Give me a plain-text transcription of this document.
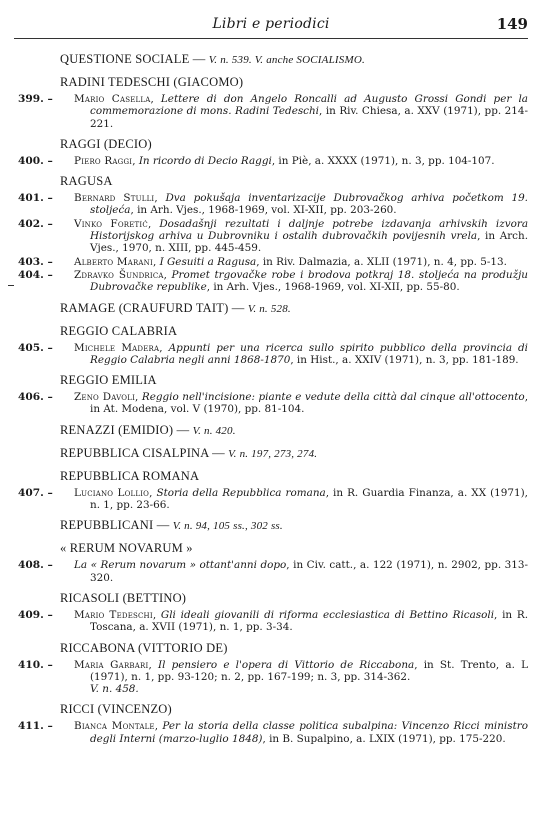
Libri e periodici	149
QUESTIONE SOCIALE — V. n. 539. V. anche SOCIALISMO.
RADINI TEDESCHI (GIACOMO)
399. –	Mario Casella, Lettere di don Angelo Roncalli ad Augusto Grossi Gondi per la commemorazione di mons. Radini Tedeschi, in Riv. Chiesa, a. XXV (1971), pp. 214-221.
RAGGI (DECIO)
400. –	Piero Raggi, In ricordo di Decio Raggi, in Piè, a. XXXX (1971), n. 3, pp. 104-107.
RAGUSA
401. –	Bernard Stulli, Dva pokušaja inventarizacije Dubrovačkog arhiva početkom 19. stoljeća, in Arh. Vjes., 1968-1969, vol. XI-XII, pp. 203-260.
402. –	Vinko Foretić, Dosadašnji rezultati i daljnje potrebe izdavanja arhivskih izvora Historijskog arhiva u Dubrovniku i ostalih dubrovačkih povijesnih vrela, in Arch. Vjes., 1970, n. XIII, pp. 445-459.
403. –	Alberto Marani, I Gesuiti a Ragusa, in Riv. Dalmazia, a. XLII (1971), n. 4, pp. 5-13.
404. –	Zdravko Šundrica, Promet trgovačke robe i brodova potkraj 18. stoljeća na produžju Dubrovačke republike, in Arh. Vjes., 1968-1969, vol. XI-XII, pp. 55-80.
RAMAGE (CRAUFURD TAIT) — V. n. 528.
REGGIO CALABRIA
405. –	Michele Madera, Appunti per una ricerca sullo spirito pubblico della provincia di Reggio Calabria negli anni 1868-1870, in Hist., a. XXIV (1971), n. 3, pp. 181-189.
REGGIO EMILIA
406. –	Zeno Davoli, Reggio nell'incisione: piante e vedute della città dal cinque all'ottocento, in At. Modena, vol. V (1970), pp. 81-104.
RENAZZI (EMIDIO) — V. n. 420.
REPUBBLICA CISALPINA — V. n. 197, 273, 274.
REPUBBLICA ROMANA
407. –	Luciano Lollio, Storia della Repubblica romana, in R. Guardia Finanza, a. XX (1971), n. 1, pp. 23-66.
REPUBBLICANI — V. n. 94, 105 ss., 302 ss.
« RERUM NOVARUM »
408. –	La « Rerum novarum » ottant'anni dopo, in Civ. catt., a. 122 (1971), n. 2902, pp. 313-320.
RICASOLI (BETTINO)
409. –	Mario Tedeschi, Gli ideali giovanili di riforma ecclesiastica di Bettino Ricasoli, in R. Toscana, a. XVII (1971), n. 1, pp. 3-34.
RICCABONA (VITTORIO DE)
410. –	Maria Garbari, Il pensiero e l'opera di Vittorio de Riccabona, in St. Trento, a. L (1971), n. 1, pp. 93-120; n. 2, pp. 167-199; n. 3, pp. 314-362.
V. n. 458.
RICCI (VINCENZO)
411. –	Bianca Montale, Per la storia della classe politica subalpina: Vincenzo Ricci ministro degli Interni (marzo-luglio 1848), in B. Supalpino, a. LXIX (1971), pp. 175-220.
